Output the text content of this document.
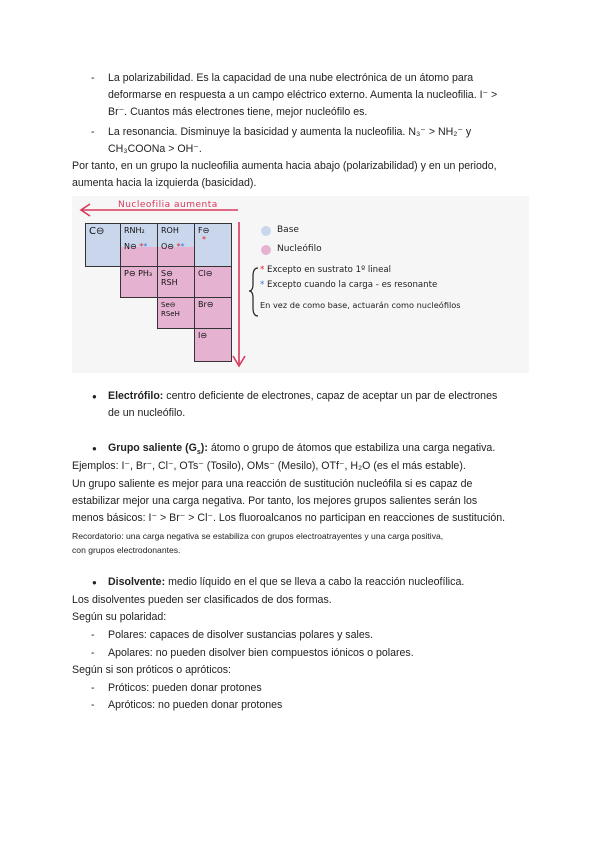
- La polarizabilidad. Es la capacidad de una nube electrónica de un átomo para
deformarse en respuesta a un campo eléctrico externo. Aumenta la nucleofilia. I⁻ >
Br⁻. Cuantos más electrones tiene, mejor nucleófilo es.
- La resonancia. Disminuye la basicidad y aumenta la nucleofilia. N₃⁻ > NH₂⁻ y
CH₃COONa > OH⁻.
Por tanto, en un grupo la nucleofilia aumenta hacia abajo (polarizabilidad) y en un periodo,
aumenta hacia la izquierda (basicidad).
Nucleofilia aumenta
C⊖	RNH₂
N⊖ **
ROH
O⊖ **
F⊖
*
P⊖ PH₃	S⊖ RSH
Cl⊖
Se⊖ RSeH
Br⊖
I⊖
Base
Nucleófilo
* Excepto en sustrato 1º lineal
* Excepto cuando la carga - es resonante
En vez de como base, actuarán como nucleófilos
● Electrófilo: centro deficiente de electrones, capaz de aceptar un par de electrones
de un nucleófilo.
● Grupo saliente $(G_s)$: átomo o grupo de átomos que estabiliza una carga negativa.
Ejemplos: I⁻, Br⁻, Cl⁻, OTs⁻ (Tosilo), OMs⁻ (Mesilo), OTf⁻, H₂O (es el más estable).
Un grupo saliente es mejor para una reacción de sustitución nucleófila si es capaz de
estabilizar mejor una carga negativa. Por tanto, los mejores grupos salientes serán los
menos básicos: I⁻ > Br⁻ > Cl⁻. Los fluoroalcanos no participan en reacciones de sustitución.
Recordatorio: una carga negativa se estabiliza con grupos electroatrayentes y una carga positiva,
con grupos electrodonantes.
● Disolvente: medio líquido en el que se lleva a cabo la reacción nucleofílica.
Los disolventes pueden ser clasificados de dos formas.
Según su polaridad:
- Polares: capaces de disolver sustancias polares y sales.
- Apolares: no pueden disolver bien compuestos iónicos o polares.
Según si son próticos o apróticos:
- Próticos: pueden donar protones
- Apróticos: no pueden donar protones
